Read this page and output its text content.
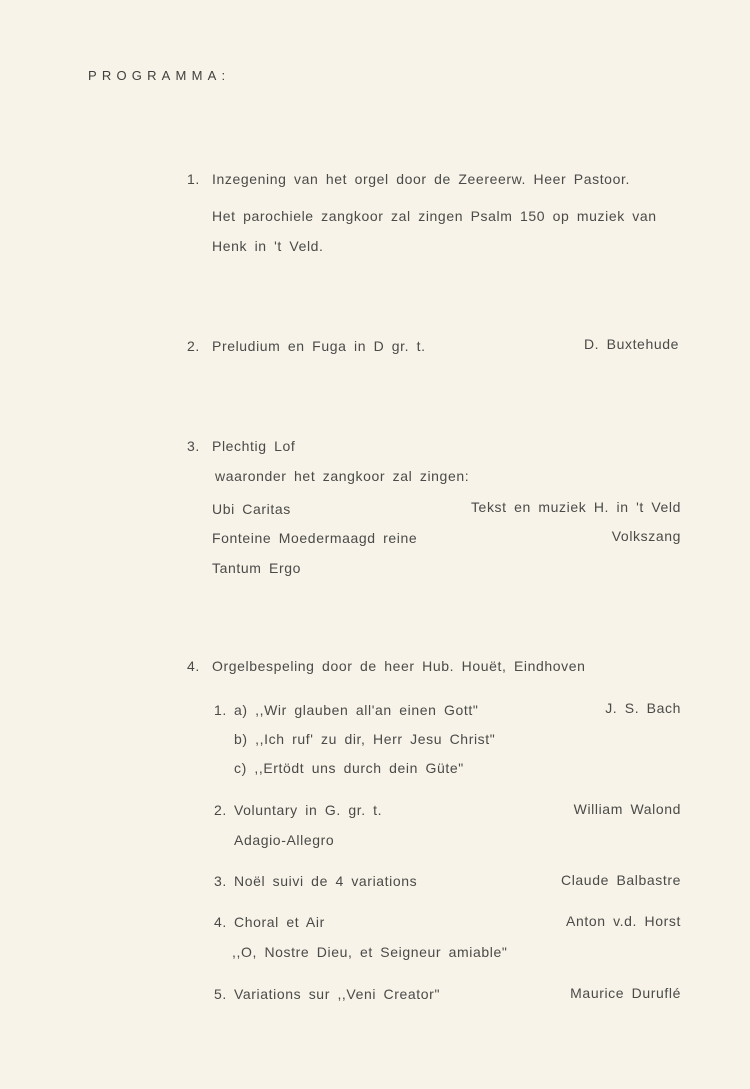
PROGRAMMA:
1. Inzegening van het orgel door de Zeereerw. Heer Pastoor.
Het parochiele zangkoor zal zingen Psalm 150 op muziek van
Henk in 't Veld.
2. Preludium en Fuga in D gr. t.	D. Buxtehude
3. Plechtig Lof
waaronder het zangkoor zal zingen:
Ubi Caritas	Tekst en muziek H. in 't Veld
Fonteine Moedermaagd reine	Volkszang
Tantum Ergo
4. Orgelbespeling door de heer Hub. Houët, Eindhoven
1. a) ,,Wir glauben all'an einen Gott"	J. S. Bach
b) ,,Ich ruf' zu dir, Herr Jesu Christ"
c) ,,Ertödt uns durch dein Güte"
2. Voluntary in G. gr. t.	William Walond
Adagio-Allegro
3. Noël suivi de 4 variations	Claude Balbastre
4. Choral et Air	Anton v.d. Horst
,,O, Nostre Dieu, et Seigneur amiable"
5. Variations sur ,,Veni Creator"	Maurice Duruflé
